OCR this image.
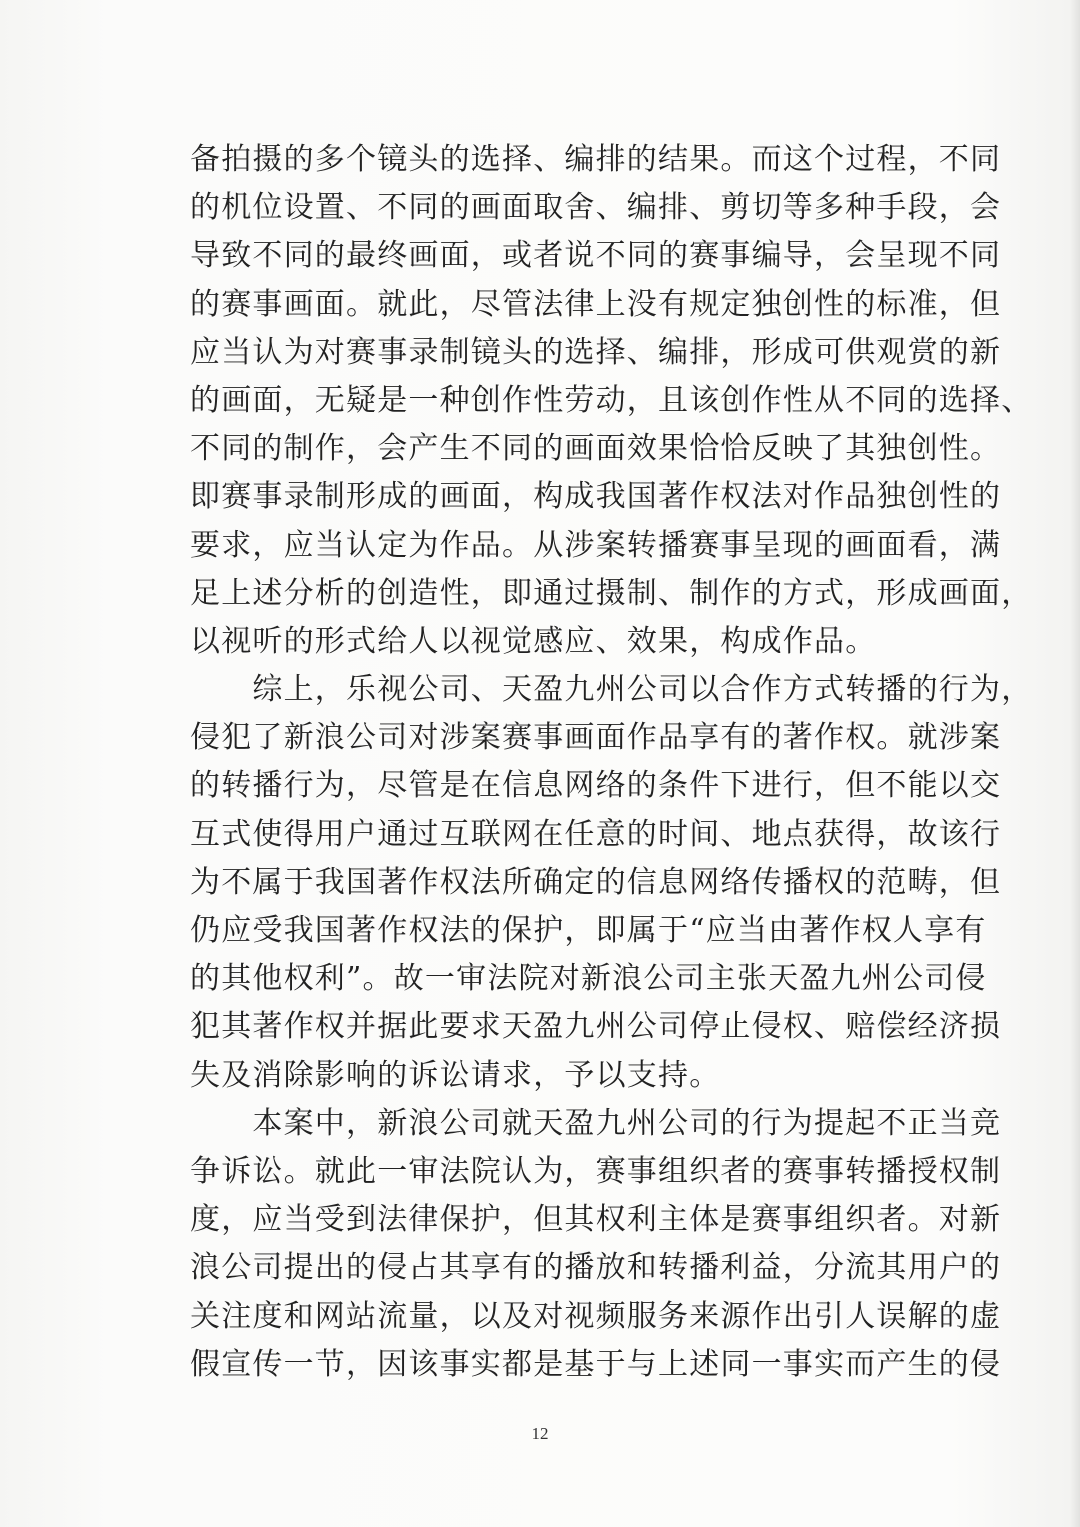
备拍摄的多个镜头的选择、编排的结果。而这个过程，不同
的机位设置、不同的画面取舍、编排、剪切等多种手段，会
导致不同的最终画面，或者说不同的赛事编导，会呈现不同
的赛事画面。就此，尽管法律上没有规定独创性的标准，但
应当认为对赛事录制镜头的选择、编排，形成可供观赏的新
的画面，无疑是一种创作性劳动，且该创作性从不同的选择、
不同的制作，会产生不同的画面效果恰恰反映了其独创性。
即赛事录制形成的画面，构成我国著作权法对作品独创性的
要求，应当认定为作品。从涉案转播赛事呈现的画面看，满
足上述分析的创造性，即通过摄制、制作的方式，形成画面，
以视听的形式给人以视觉感应、效果，构成作品。
　　综上，乐视公司、天盈九州公司以合作方式转播的行为，
侵犯了新浪公司对涉案赛事画面作品享有的著作权。就涉案
的转播行为，尽管是在信息网络的条件下进行，但不能以交
互式使得用户通过互联网在任意的时间、地点获得，故该行
为不属于我国著作权法所确定的信息网络传播权的范畴，但
仍应受我国著作权法的保护，即属于“应当由著作权人享有
的其他权利”。故一审法院对新浪公司主张天盈九州公司侵
犯其著作权并据此要求天盈九州公司停止侵权、赔偿经济损
失及消除影响的诉讼请求，予以支持。
　　本案中，新浪公司就天盈九州公司的行为提起不正当竞
争诉讼。就此一审法院认为，赛事组织者的赛事转播授权制
度，应当受到法律保护，但其权利主体是赛事组织者。对新
浪公司提出的侵占其享有的播放和转播利益，分流其用户的
关注度和网站流量，以及对视频服务来源作出引人误解的虚
假宣传一节，因该事实都是基于与上述同一事实而产生的侵
12
